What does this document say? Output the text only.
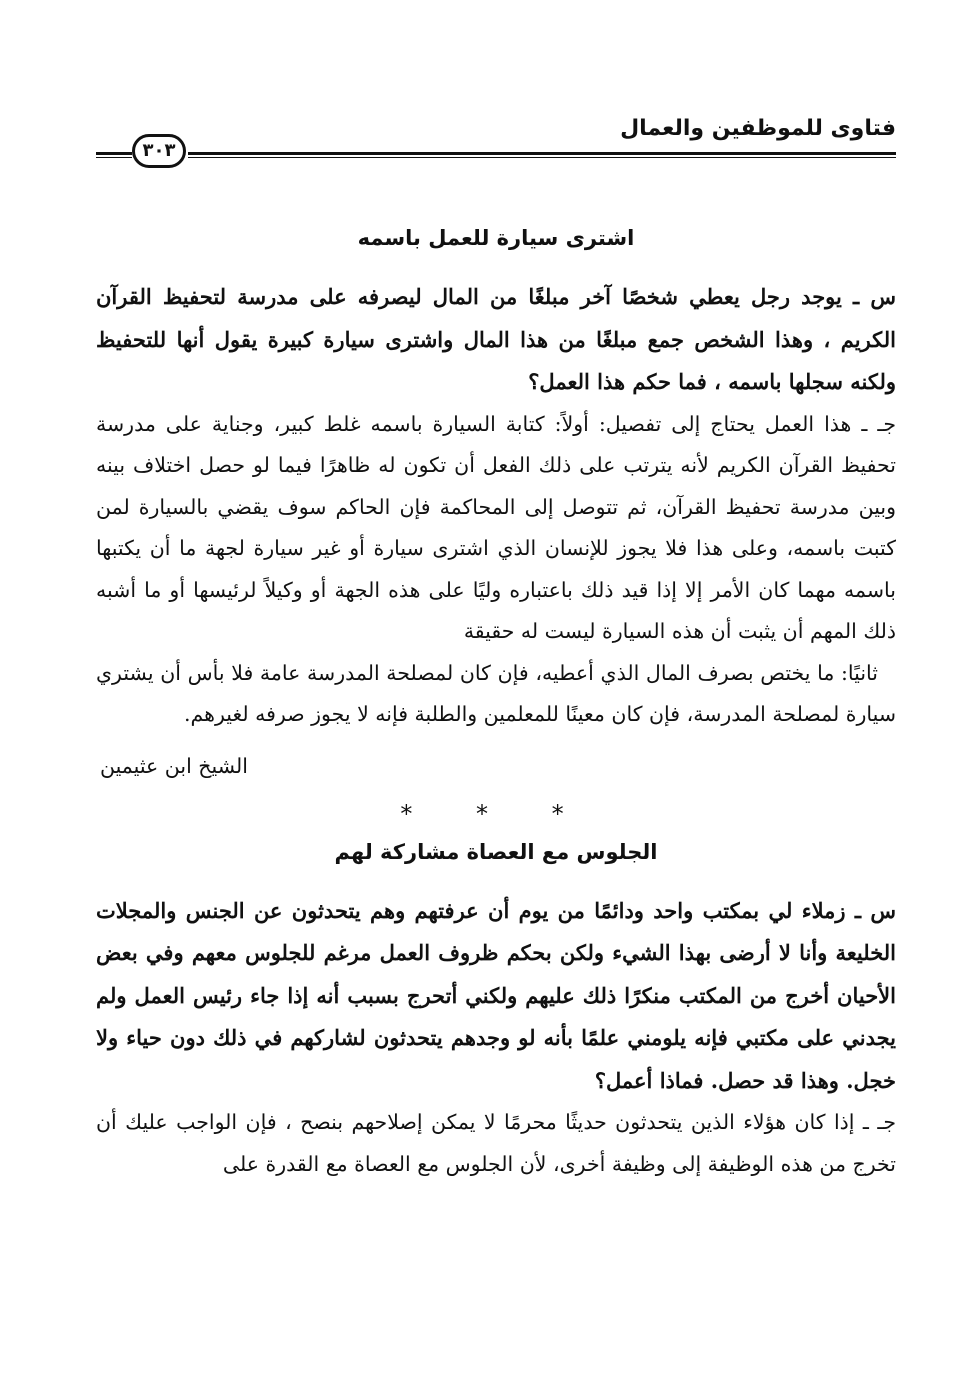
فتاوى للموظفين والعمال
٣٠٣
اشترى سيارة للعمل باسمه

س ـ يوجد رجل يعطي شخصًا آخر مبلغًا من المال ليصرفه على مدرسة لتحفيظ القرآن الكريم ، وهذا الشخص جمع مبلغًا من هذا المال واشترى سيارة كبيرة يقول أنها للتحفيظ ولكنه سجلها باسمه ، فما حكم هذا العمل؟

جـ ـ هذا العمل يحتاج إلى تفصيل: أولاً: كتابة السيارة باسمه غلط كبير، وجناية على مدرسة تحفيظ القرآن الكريم لأنه يترتب على ذلك الفعل أن تكون له ظاهرًا فيما لو حصل اختلاف بينه وبين مدرسة تحفيظ القرآن، ثم تتوصل إلى المحاكمة فإن الحاكم سوف يقضي بالسيارة لمن كتبت باسمه، وعلى هذا فلا يجوز للإنسان الذي اشترى سيارة أو غير سيارة لجهة ما أن يكتبها باسمه مهما كان الأمر إلا إذا قيد ذلك باعتباره وليًا على هذه الجهة أو وكيلاً لرئيسها أو ما أشبه ذلك المهم أن يثبت أن هذه السيارة ليست له حقيقة

ثانيًا: ما يختص بصرف المال الذي أعطيه، فإن كان لمصلحة المدرسة عامة فلا بأس أن يشتري سيارة لمصلحة المدرسة، فإن كان معينًا للمعلمين والطلبة فإنه لا يجوز صرفه لغيرهم.

الشيخ ابن عثيمين

* * *
الجلوس مع العصاة مشاركة لهم

س ـ زملاء لي بمكتب واحد ودائمًا من يوم أن عرفتهم وهم يتحدثون عن الجنس والمجلات الخليعة وأنا لا أرضى بهذا الشيء ولكن بحكم ظروف العمل مرغم للجلوس معهم وفي بعض الأحيان أخرج من المكتب منكرًا ذلك عليهم ولكني أتحرج بسبب أنه إذا جاء رئيس العمل ولم يجدني على مكتبي فإنه يلومني علمًا بأنه لو وجدهم يتحدثون لشاركهم في ذلك دون حياء ولا خجل. وهذا قد حصل. فماذا أعمل؟

جـ ـ إذا كان هؤلاء الذين يتحدثون حديثًا محرمًا لا يمكن إصلاحهم بنصح ، فإن الواجب عليك أن تخرج من هذه الوظيفة إلى وظيفة أخرى، لأن الجلوس مع العصاة مع القدرة على
